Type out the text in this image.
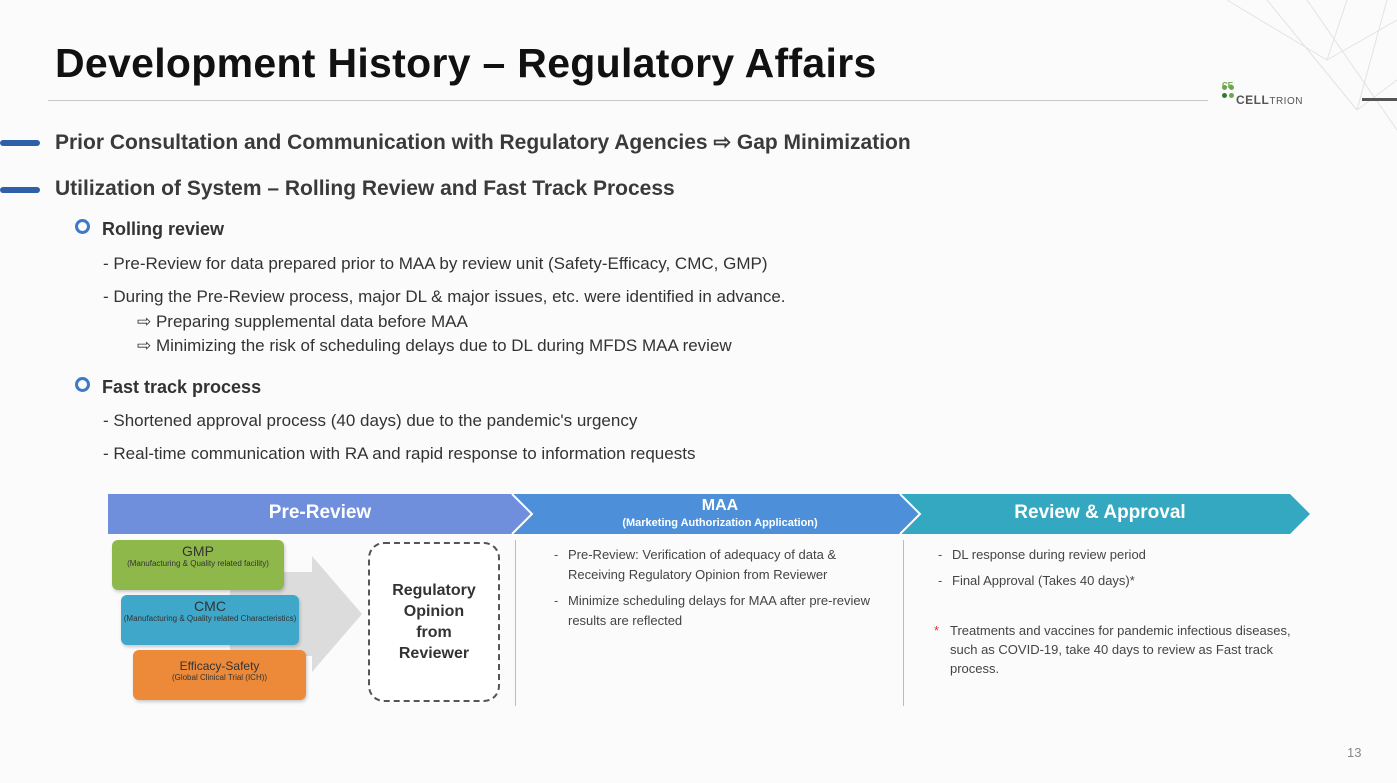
Development History – Regulatory Affairs
CELLTRION
CE
Prior Consultation and Communication with Regulatory Agencies ⇨ Gap Minimization
Utilization of System – Rolling Review and Fast Track Process
Rolling review
- Pre-Review for data prepared prior to MAA by review unit (Safety-Efficacy, CMC, GMP)
- During the Pre-Review process, major DL & major issues, etc. were identified in advance.
⇨ Preparing supplemental data before MAA
⇨ Minimizing the risk of scheduling delays due to DL during MFDS MAA review
Fast track process
- Shortened approval process (40 days) due to the pandemic's urgency
- Real-time communication with RA and rapid response to information requests
Pre-Review	MAA
(Marketing Authorization Application)	Review & Approval
GMP
(Manufacturing & Quality related facility)
CMC
(Manufacturing & Quality related Characteristics)
Efficacy-Safety
(Global Clinical Trial (ICH))
Regulatory
Opinion
from
Reviewer
- Pre-Review: Verification of adequacy of data & Receiving Regulatory Opinion from Reviewer
- Minimize scheduling delays for MAA after pre-review results are reflected
- DL response during review period
- Final Approval (Takes 40 days)*
* Treatments and vaccines for pandemic infectious diseases, such as COVID-19, take 40 days to review as Fast track process.
13
